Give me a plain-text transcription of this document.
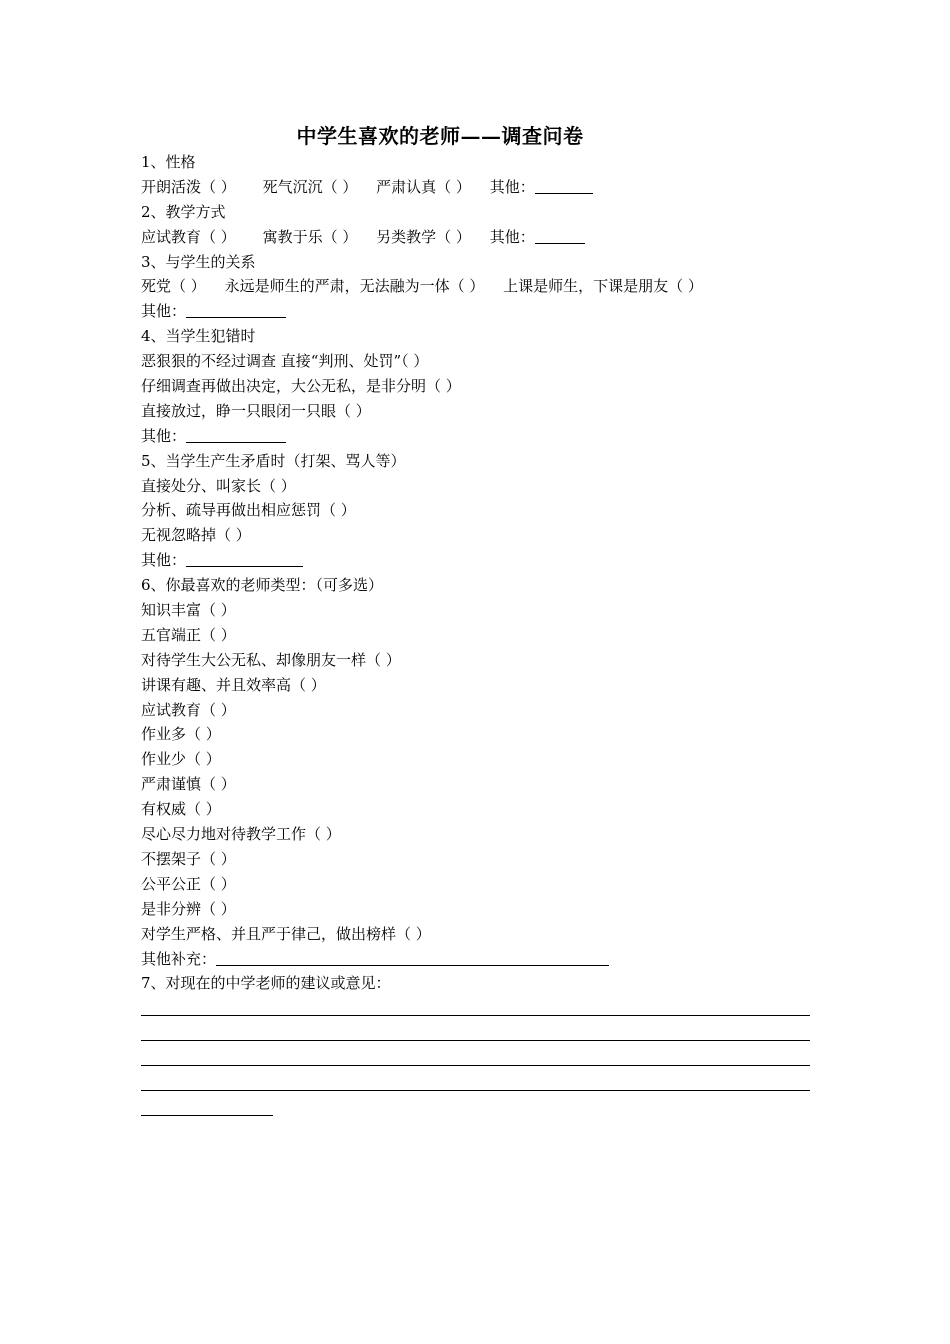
中学生喜欢的老师——调查问卷
1、性格
开朗活泼（ ） 死气沉沉（ ） 严肃认真（ ） 其他：
2、教学方式
应试教育（ ） 寓教于乐（ ） 另类教学（ ） 其他：
3、与学生的关系
死党（ ） 永远是师生的严肃，无法融为一体（ ） 上课是师生，下课是朋友（ ）
其他：
4、当学生犯错时
恶狠狠的不经过调查 直接“判刑、处罚”（ ）
仔细调查再做出决定，大公无私，是非分明（ ）
直接放过，睁一只眼闭一只眼（ ）
其他：
5、当学生产生矛盾时（打架、骂人等）
直接处分、叫家长（ ）
分析、疏导再做出相应惩罚（ ）
无视忽略掉（ ）
其他：
6、你最喜欢的老师类型：（可多选）
知识丰富（ ）
五官端正（ ）
对待学生大公无私、却像朋友一样（ ）
讲课有趣、并且效率高（ ）
应试教育（ ）
作业多（ ）
作业少（ ）
严肃谨慎（ ）
有权威（ ）
尽心尽力地对待教学工作（ ）
不摆架子（ ）
公平公正（ ）
是非分辨（ ）
对学生严格、并且严于律己，做出榜样（ ）
其他补充：
7、对现在的中学老师的建议或意见：
